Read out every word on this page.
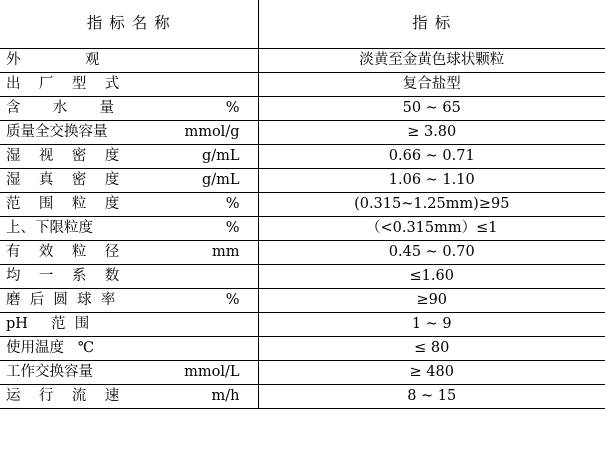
指 标 名 称	指 标

外              观	淡黄至金黄色球状颗粒

出    厂    型    式	复合盐型

含       水       量 %	50 ~ 65

质量全交换容量 mmol/g	≥ 3.80

湿    视    密    度 g/mL	0.66 ~ 0.71

湿    真    密    度 g/mL	1.06 ~ 1.10

范    围    粒    度 %	(0.315~1.25mm)≥95

上、下限粒度 %	（<0.315mm）≤1

有    效    粒    径 mm	0.45 ~ 0.70

均    一    系    数	≤1.60

磨  后  圆  球  率 %	≥90

pH     范  围	1 ~ 9

使用温度   ℃	≤ 80

工作交换容量 mmol/L	≥ 480

运    行    流    速 m/h	8 ~ 15
